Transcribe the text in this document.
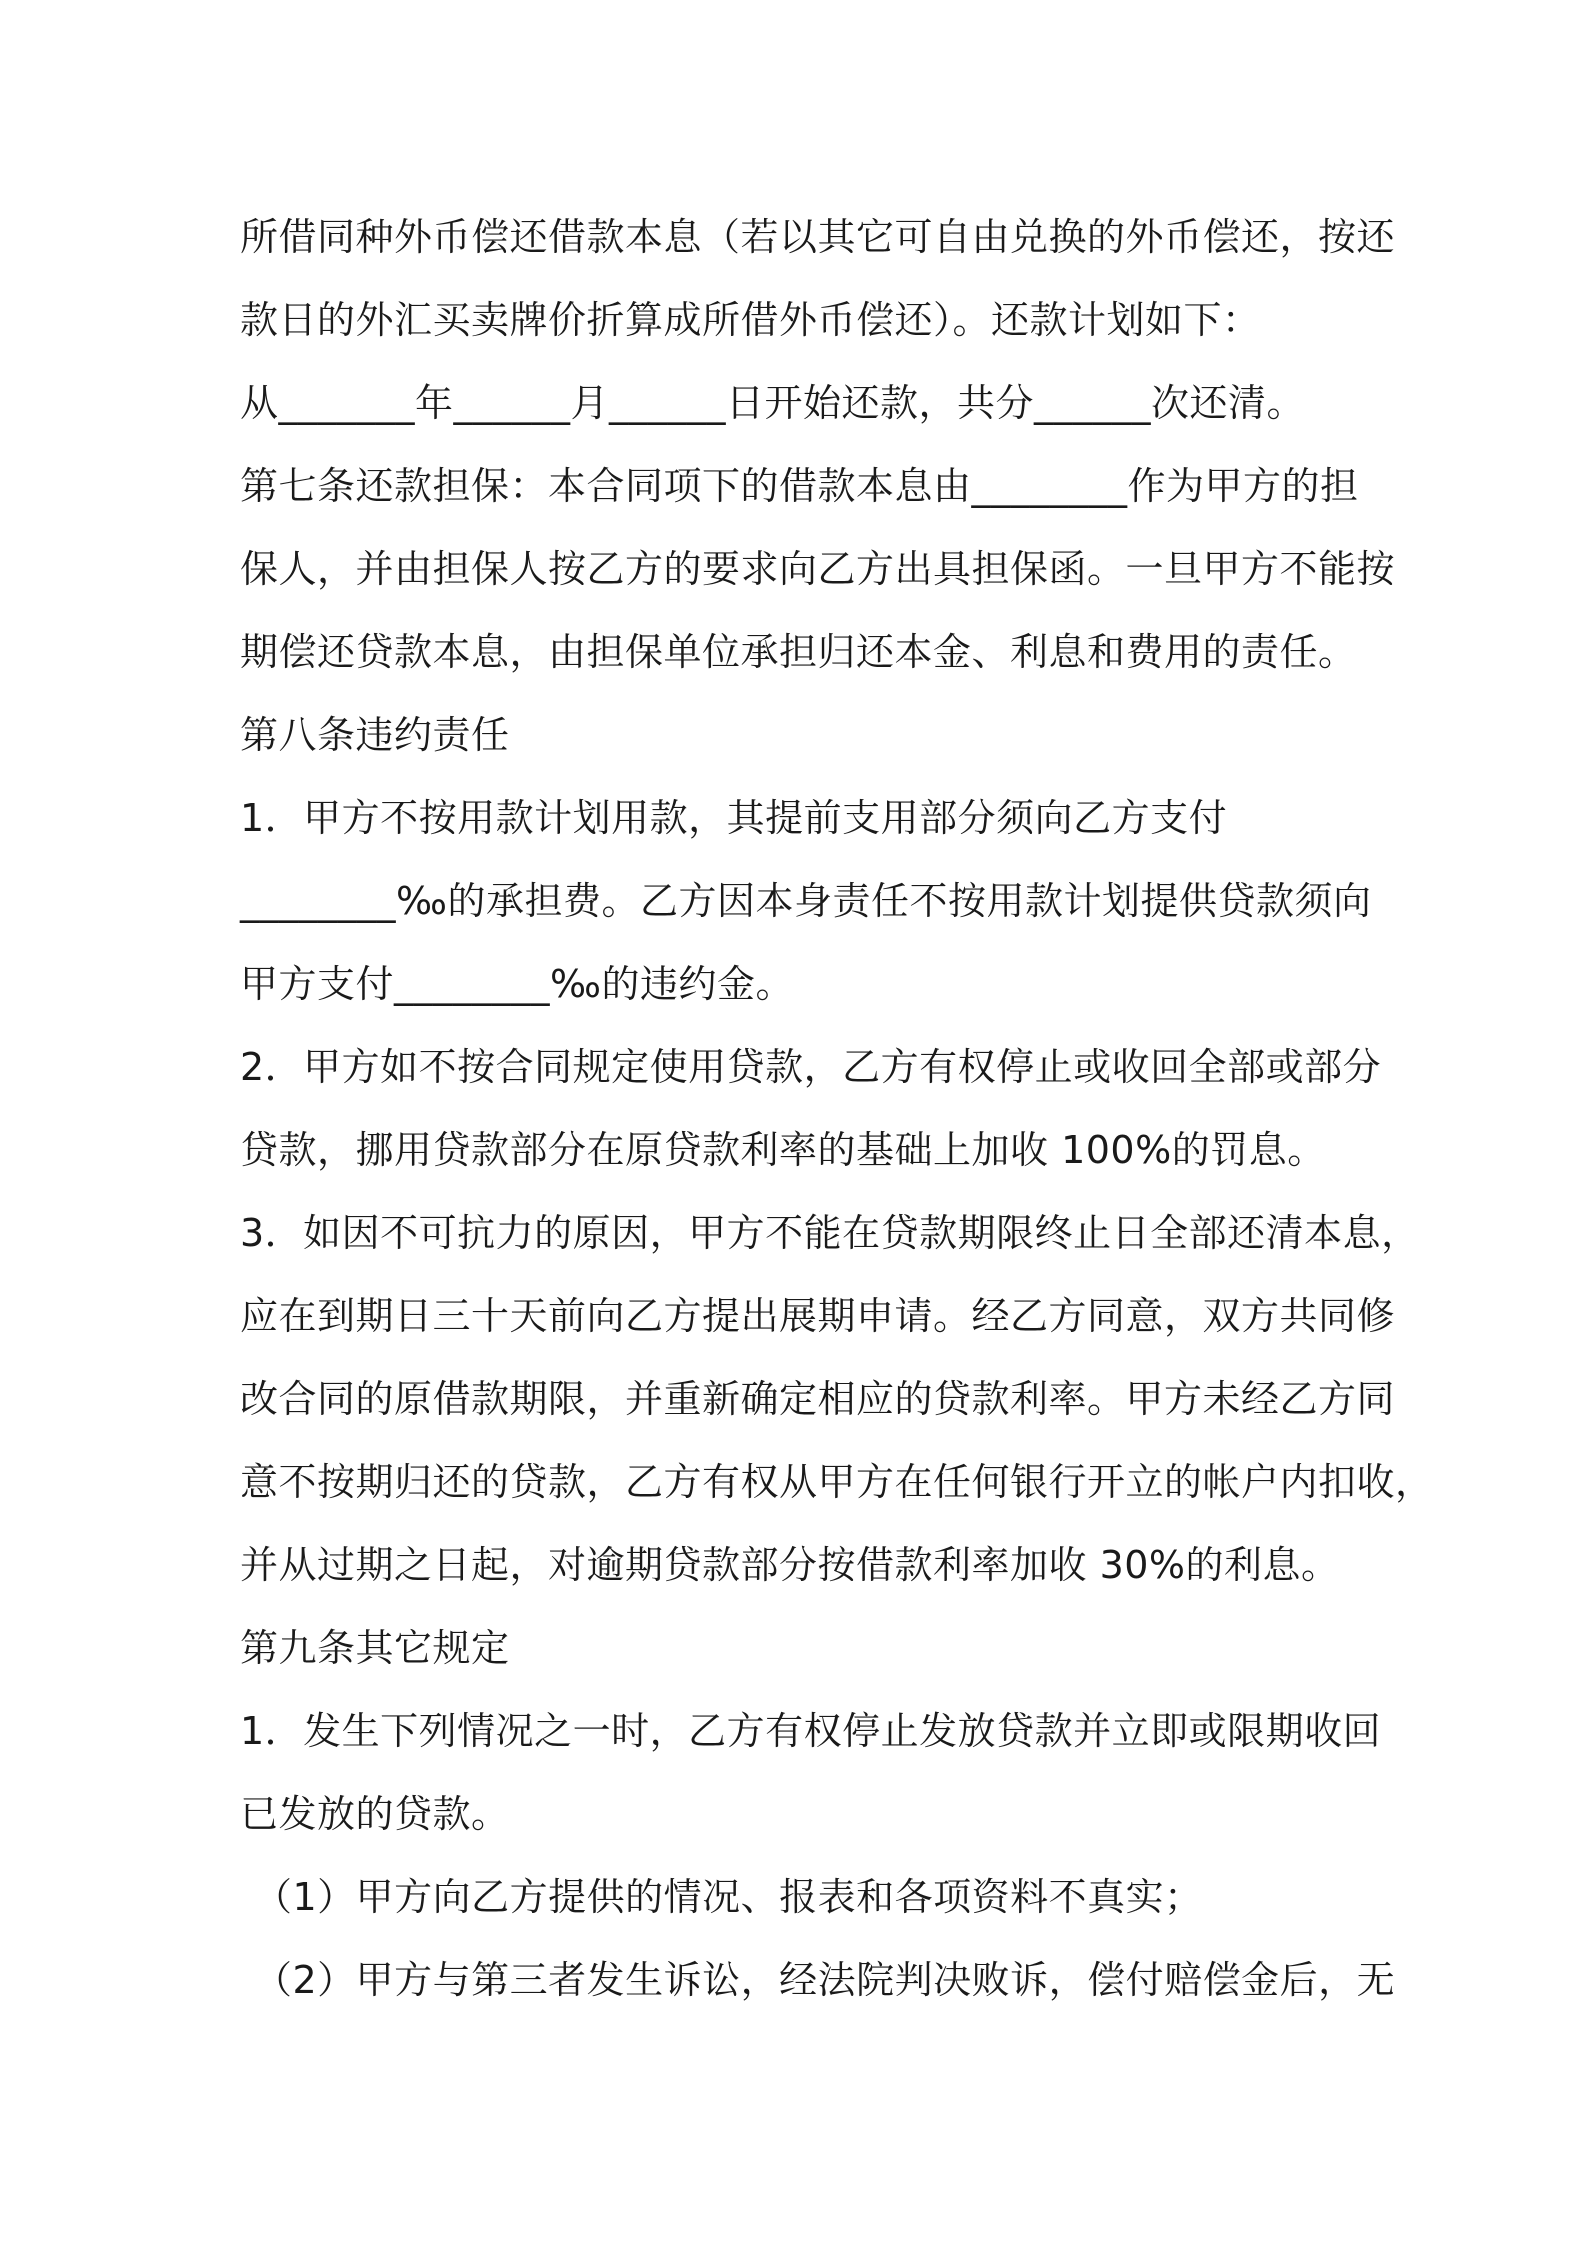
所借同种外币偿还借款本息（若以其它可自由兑换的外币偿还，按还
款日的外汇买卖牌价折算成所借外币偿还）。还款计划如下：
从_______年______月______日开始还款，共分______次还清。
第七条还款担保：本合同项下的借款本息由________作为甲方的担
保人，并由担保人按乙方的要求向乙方出具担保函。一旦甲方不能按
期偿还贷款本息，由担保单位承担归还本金、利息和费用的责任。
第八条违约责任
1．甲方不按用款计划用款，其提前支用部分须向乙方支付
________‰的承担费。乙方因本身责任不按用款计划提供贷款须向
甲方支付________‰的违约金。
2．甲方如不按合同规定使用贷款，乙方有权停止或收回全部或部分
贷款，挪用贷款部分在原贷款利率的基础上加收 100%的罚息。
3．如因不可抗力的原因，甲方不能在贷款期限终止日全部还清本息，
应在到期日三十天前向乙方提出展期申请。经乙方同意，双方共同修
改合同的原借款期限，并重新确定相应的贷款利率。甲方未经乙方同
意不按期归还的贷款，乙方有权从甲方在任何银行开立的帐户内扣收，
并从过期之日起，对逾期贷款部分按借款利率加收 30%的利息。
第九条其它规定
1．发生下列情况之一时，乙方有权停止发放贷款并立即或限期收回
已发放的贷款。
（1）甲方向乙方提供的情况、报表和各项资料不真实；
（2）甲方与第三者发生诉讼，经法院判决败诉，偿付赔偿金后，无
